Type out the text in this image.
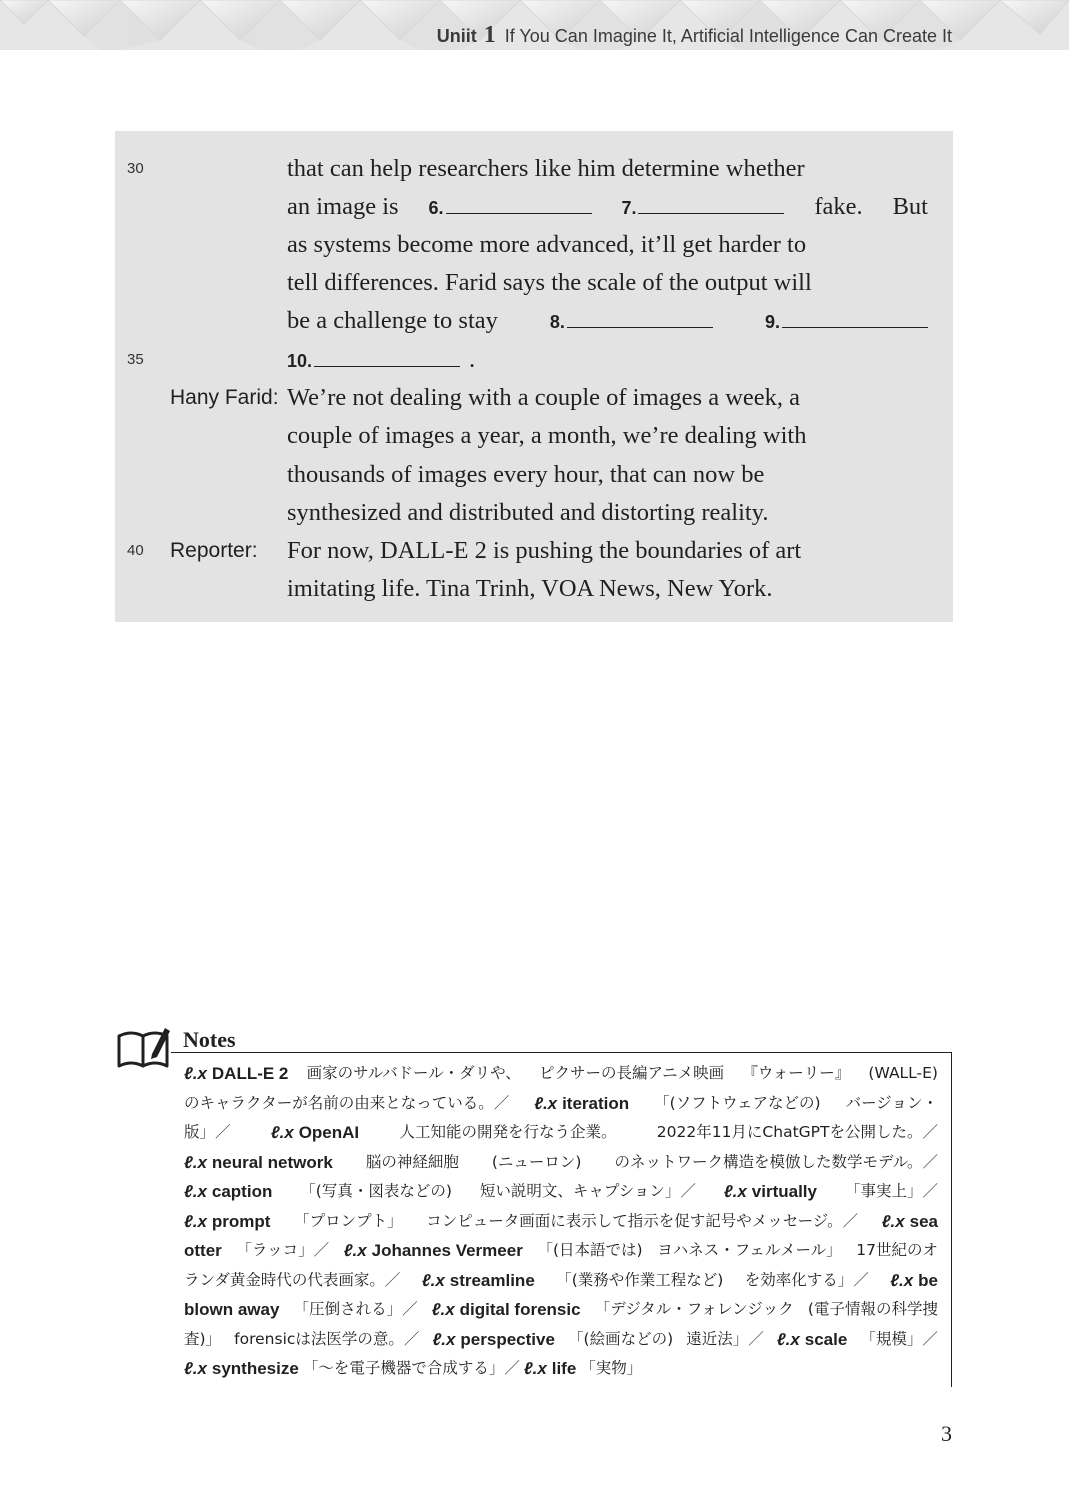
Uniit 1 If You Can Imagine It, Artificial Intelligence Can Create It
30	that can help researchers like him determine whether
an image is 6.	7.	fake. But
as systems become more advanced, it’ll get harder to
tell differences. Farid says the scale of the output will
be a challenge to stay	8.	9.
35	10.	.
Hany Farid: We’re not dealing with a couple of images a week, a
couple of images a year, a month, we’re dealing with
thousands of images every hour, that can now be
synthesized and distributed and distorting reality.
40 Reporter: For now, DALL-E 2 is pushing the boundaries of art
imitating life. Tina Trinh, VOA News, New York.
Notes
ℓ.x DALL-E 2 画家のサルバドール・ダリや、 ピクサーの長編アニメ映画 『ウォーリー』 (WALL-E)
のキャラクターが名前の由来となっている。／ ℓ.x iteration 「(ソフトウェアなどの) バージョン・
版」／ ℓ.x OpenAI	人工知能の開発を行なう企業。	2022年11月にChatGPTを公開した。／
ℓ.x neural network 脳の神経細胞 (ニューロン) のネットワーク構造を模倣した数学モデル。／
ℓ.x caption 「(写真・図表などの) 短い説明文、キャプション」／ ℓ.x virtually 「事実上」／
ℓ.x prompt 「プロンプト」 コンピュータ画面に表示して指示を促す記号やメッセージ。／ ℓ.x sea
otter 「ラッコ」／ ℓ.x Johannes Vermeer 「(日本語では) ヨハネス・フェルメール」 17世紀のオ
ランダ黄金時代の代表画家。／ ℓ.x streamline 「(業務や作業工程など) を効率化する」／ ℓ.x be
blown away 「圧倒される」／ ℓ.x digital forensic 「デジタル・フォレンジック (電子情報の科学捜
査)」 forensicは法医学の意。／ ℓ.x perspective 「(絵画などの) 遠近法」／ ℓ.x scale 「規模」／
ℓ.x synthesize 「〜を電子機器で合成する」／ ℓ.x life 「実物」
3
